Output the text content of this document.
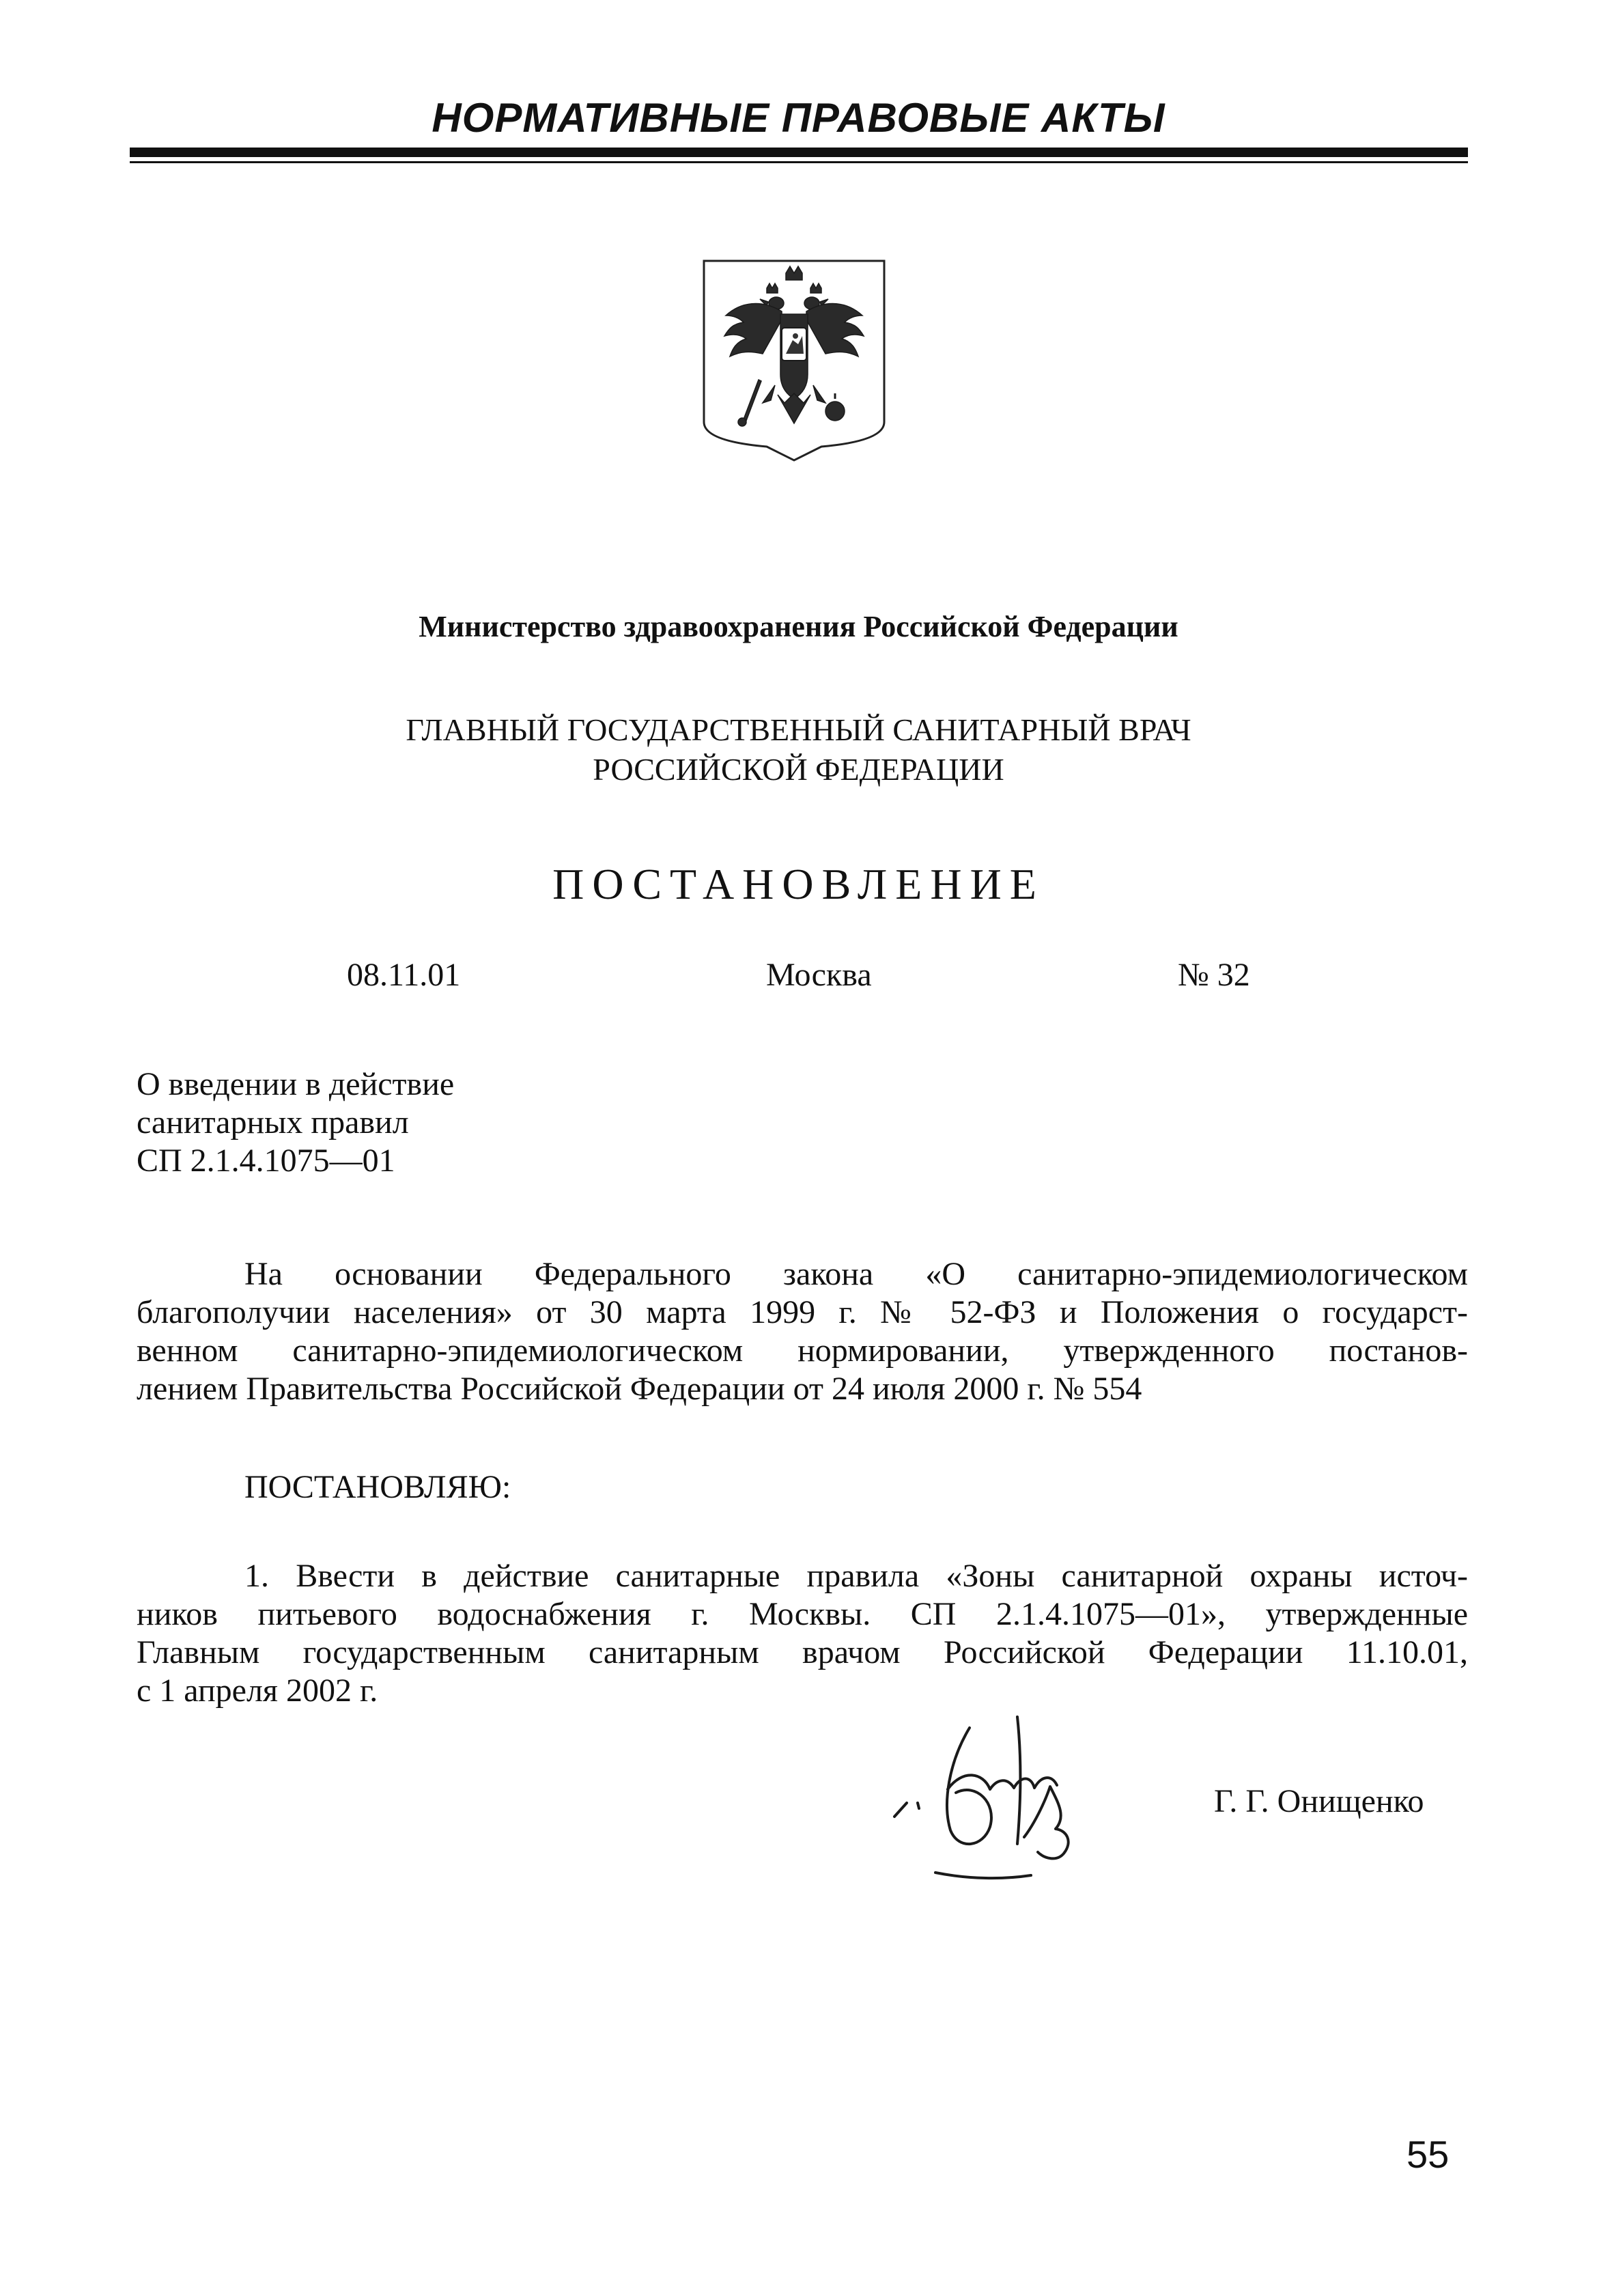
НОРМАТИВНЫЕ ПРАВОВЫЕ АКТЫ
Министерство здравоохранения Российской Федерации
ГЛАВНЫЙ ГОСУДАРСТВЕННЫЙ САНИТАРНЫЙ ВРАЧ
РОССИЙСКОЙ ФЕДЕРАЦИИ
ПОСТАНОВЛЕНИЕ
08.11.01	Москва	№ 32
О введении в действие
санитарных правил
СП 2.1.4.1075—01
На основании Федерального закона «О санитарно-эпидемиологическом
благополучии населения» от 30 марта 1999 г. № 52-ФЗ и Положения о государст-
венном санитарно-эпидемиологическом нормировании, утвержденного постанов-
лением Правительства Российской Федерации от 24 июля 2000 г. № 554
ПОСТАНОВЛЯЮ:
1. Ввести в действие санитарные правила «Зоны санитарной охраны источ-
ников питьевого водоснабжения г. Москвы. СП 2.1.4.1075—01», утвержденные
Главным государственным санитарным врачом Российской Федерации 11.10.01,
с 1 апреля 2002 г.
Г. Г. Онищенко
55
